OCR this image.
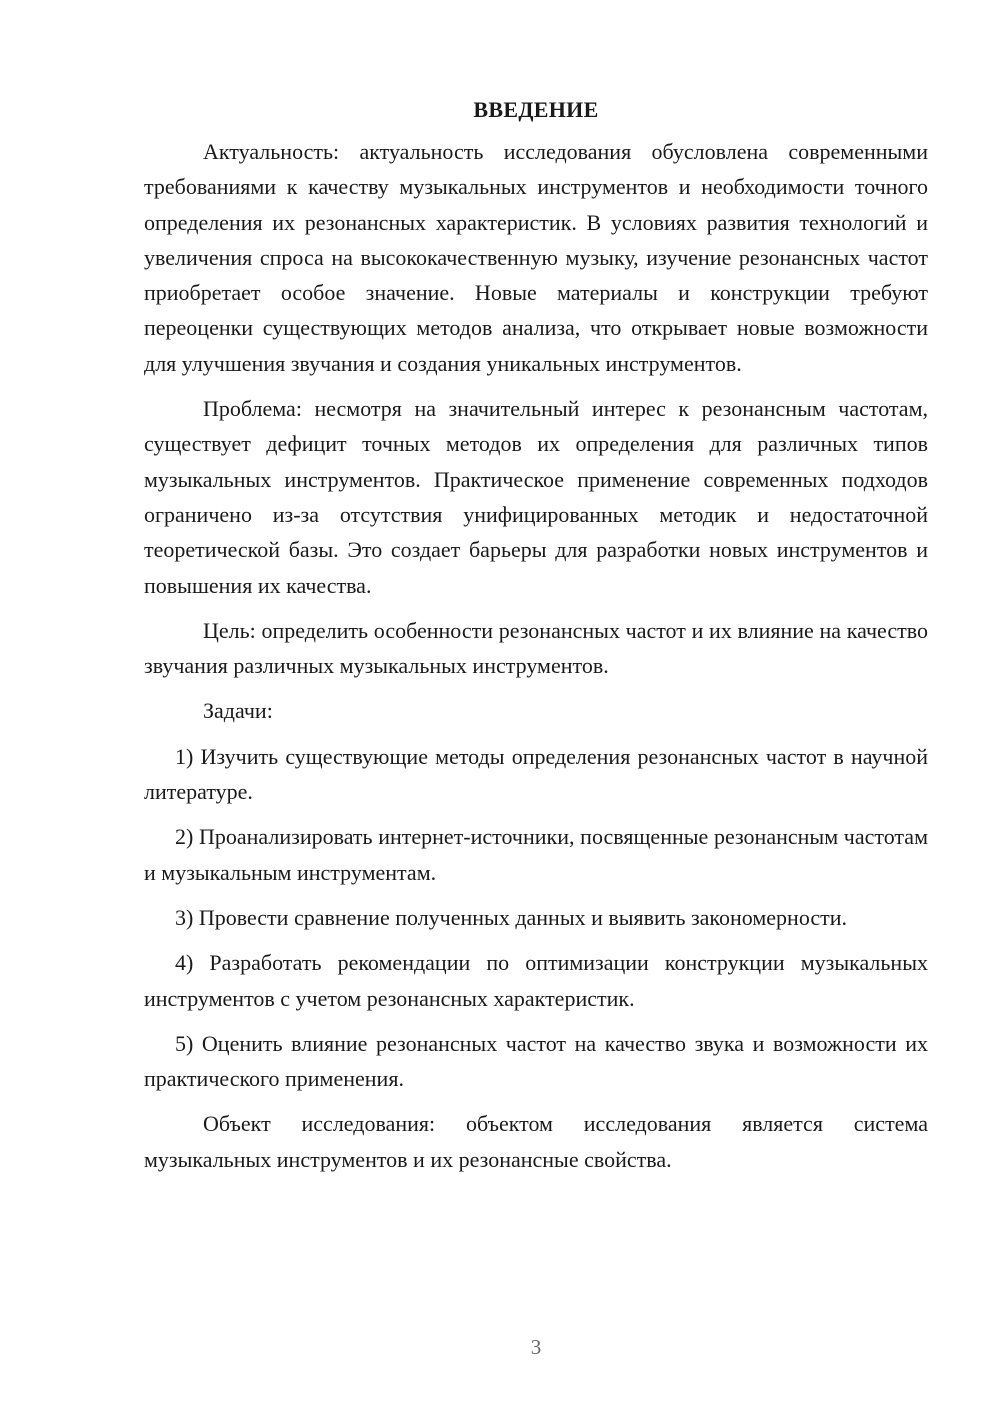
ВВЕДЕНИЕ

Актуальность: актуальность исследования обусловлена современными требованиями к качеству музыкальных инструментов и необходимости точного определения их резонансных характеристик. В условиях развития технологий и увеличения спроса на высококачественную музыку, изучение резонансных частот приобретает особое значение. Новые материалы и конструкции требуют переоценки существующих методов анализа, что открывает новые возможности для улучшения звучания и создания уникальных инструментов.

Проблема: несмотря на значительный интерес к резонансным частотам, существует дефицит точных методов их определения для различных типов музыкальных инструментов. Практическое применение современных подходов ограничено из-за отсутствия унифицированных методик и недостаточной теоретической базы. Это создает барьеры для разработки новых инструментов и повышения их качества.

Цель: определить особенности резонансных частот и их влияние на качество звучания различных музыкальных инструментов.

Задачи:

1) Изучить существующие методы определения резонансных частот в научной литературе.

2) Проанализировать интернет-источники, посвященные резонансным частотам и музыкальным инструментам.

3) Провести сравнение полученных данных и выявить закономерности.

4) Разработать рекомендации по оптимизации конструкции музыкальных инструментов с учетом резонансных характеристик.

5) Оценить влияние резонансных частот на качество звука и возможности их практического применения.

Объект исследования: объектом исследования является система музыкальных инструментов и их резонансные свойства.

3
